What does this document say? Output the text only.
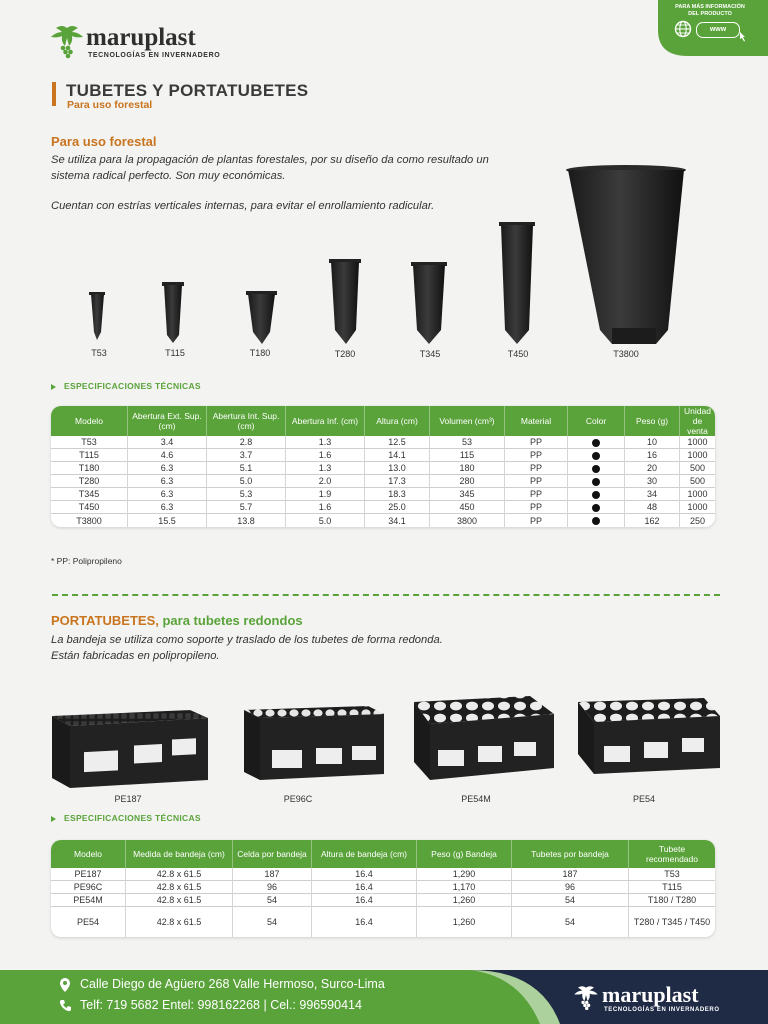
PARA MÁS INFORMACIÓN
DEL PRODUCTO
www
maruplast
TECNOLOGÍAS EN INVERNADERO
TUBETES Y PORTATUBETES
Para uso forestal
Para uso forestal
Se utiliza para la propagación de plantas forestales, por su diseño da como resultado un sistema radical perfecto. Son muy económicas.
Cuentan con estrías verticales internas, para evitar el enrollamiento radicular.
T53	T115	T180	T280	T345	T450	T3800
ESPECIFICACIONES TÉCNICAS
Modelo	Abertura Ext. Sup. (cm)	Abertura Int. Sup. (cm)	Abertura Inf. (cm)	Altura (cm)	Volumen (cm³)	Material	Color	Peso (g)	Unidad de venta
T53	3.4	2.8	1.3	12.5	53	PP		10	1000
T115	4.6	3.7	1.6	14.1	115	PP		16	1000
T180	6.3	5.1	1.3	13.0	180	PP		20	500
T280	6.3	5.0	2.0	17.3	280	PP		30	500
T345	6.3	5.3	1.9	18.3	345	PP		34	1000
T450	6.3	5.7	1.6	25.0	450	PP		48	1000
T3800	15.5	13.8	5.0	34.1	3800	PP		162	250
* PP: Polipropileno
PORTATUBETES, para tubetes redondos
La bandeja se utiliza como soporte y traslado de los tubetes de forma redonda. Están fabricadas en polipropileno.
PE187	PE96C	PE54M	PE54
ESPECIFICACIONES TÉCNICAS
Modelo	Medida de bandeja (cm)	Celda por bandeja	Altura de bandeja (cm)	Peso (g) Bandeja	Tubetes por bandeja	Tubete recomendado
PE187	42.8 x 61.5	187	16.4	1,290	187	T53
PE96C	42.8 x 61.5	96	16.4	1,170	96	T115
PE54M	42.8 x 61.5	54	16.4	1,260	54	T180 / T280
PE54	42.8 x 61.5	54	16.4	1,260	54	T280 / T345 / T450
Calle Diego de Agüero 268 Valle Hermoso, Surco-Lima
Telf: 719 5682 Entel: 998162268 | Cel.: 996590414	maruplast
TECNOLOGÍAS EN INVERNADERO
